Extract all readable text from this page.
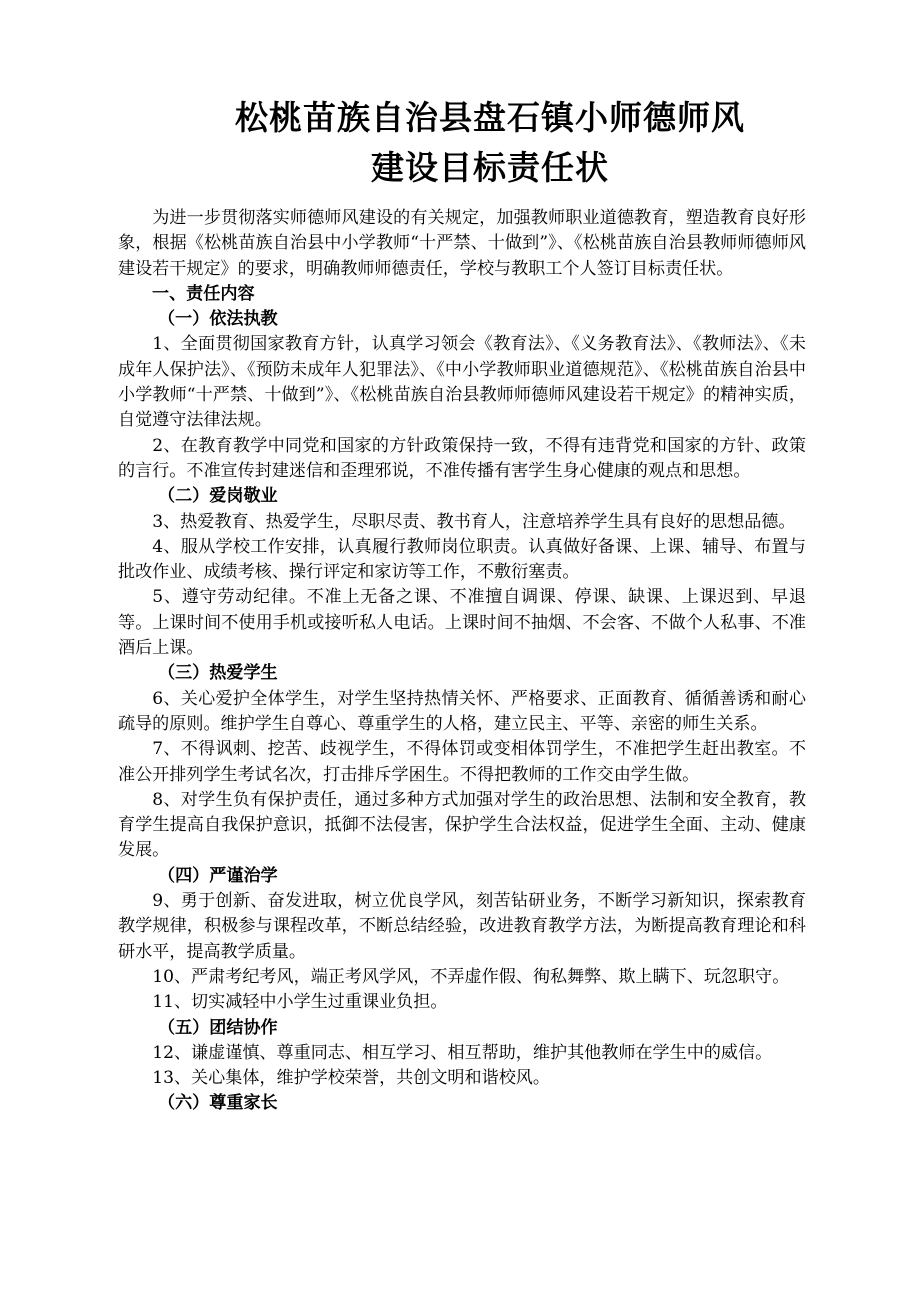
松桃苗族自治县盘石镇小师德师风
建设目标责任状

为进一步贯彻落实师德师风建设的有关规定，加强教师职业道德教育，塑造教育良好形象，根据《松桃苗族自治县中小学教师“十严禁、十做到”》、《松桃苗族自治县教师师德师风建设若干规定》的要求，明确教师师德责任，学校与教职工个人签订目标责任状。

一、责任内容

（一）依法执教

1、全面贯彻国家教育方针，认真学习领会《教育法》、《义务教育法》、《教师法》、《未成年人保护法》、《预防未成年人犯罪法》、《中小学教师职业道德规范》、《松桃苗族自治县中小学教师“十严禁、十做到”》、《松桃苗族自治县教师师德师风建设若干规定》的精神实质，自觉遵守法律法规。

2、在教育教学中同党和国家的方针政策保持一致，不得有违背党和国家的方针、政策的言行。不准宣传封建迷信和歪理邪说，不准传播有害学生身心健康的观点和思想。

（二）爱岗敬业

3、热爱教育、热爱学生，尽职尽责、教书育人，注意培养学生具有良好的思想品德。

4、服从学校工作安排，认真履行教师岗位职责。认真做好备课、上课、辅导、布置与批改作业、成绩考核、操行评定和家访等工作，不敷衍塞责。

5、遵守劳动纪律。不准上无备之课、不准擅自调课、停课、缺课、上课迟到、早退等。上课时间不使用手机或接听私人电话。上课时间不抽烟、不会客、不做个人私事、不准酒后上课。

（三）热爱学生

6、关心爱护全体学生，对学生坚持热情关怀、严格要求、正面教育、循循善诱和耐心疏导的原则。维护学生自尊心、尊重学生的人格，建立民主、平等、亲密的师生关系。

7、不得讽刺、挖苦、歧视学生，不得体罚或变相体罚学生，不准把学生赶出教室。不准公开排列学生考试名次，打击排斥学困生。不得把教师的工作交由学生做。

8、对学生负有保护责任，通过多种方式加强对学生的政治思想、法制和安全教育，教育学生提高自我保护意识，抵御不法侵害，保护学生合法权益，促进学生全面、主动、健康发展。

（四）严谨治学

9、勇于创新、奋发进取，树立优良学风，刻苦钻研业务，不断学习新知识，探索教育教学规律，积极参与课程改革，不断总结经验，改进教育教学方法，为断提高教育理论和科研水平，提高教学质量。

10、严肃考纪考风，端正考风学风，不弄虚作假、徇私舞弊、欺上瞒下、玩忽职守。

11、切实减轻中小学生过重课业负担。

（五）团结协作

12、谦虚谨慎、尊重同志、相互学习、相互帮助，维护其他教师在学生中的威信。

13、关心集体，维护学校荣誉，共创文明和谐校风。

（六）尊重家长
